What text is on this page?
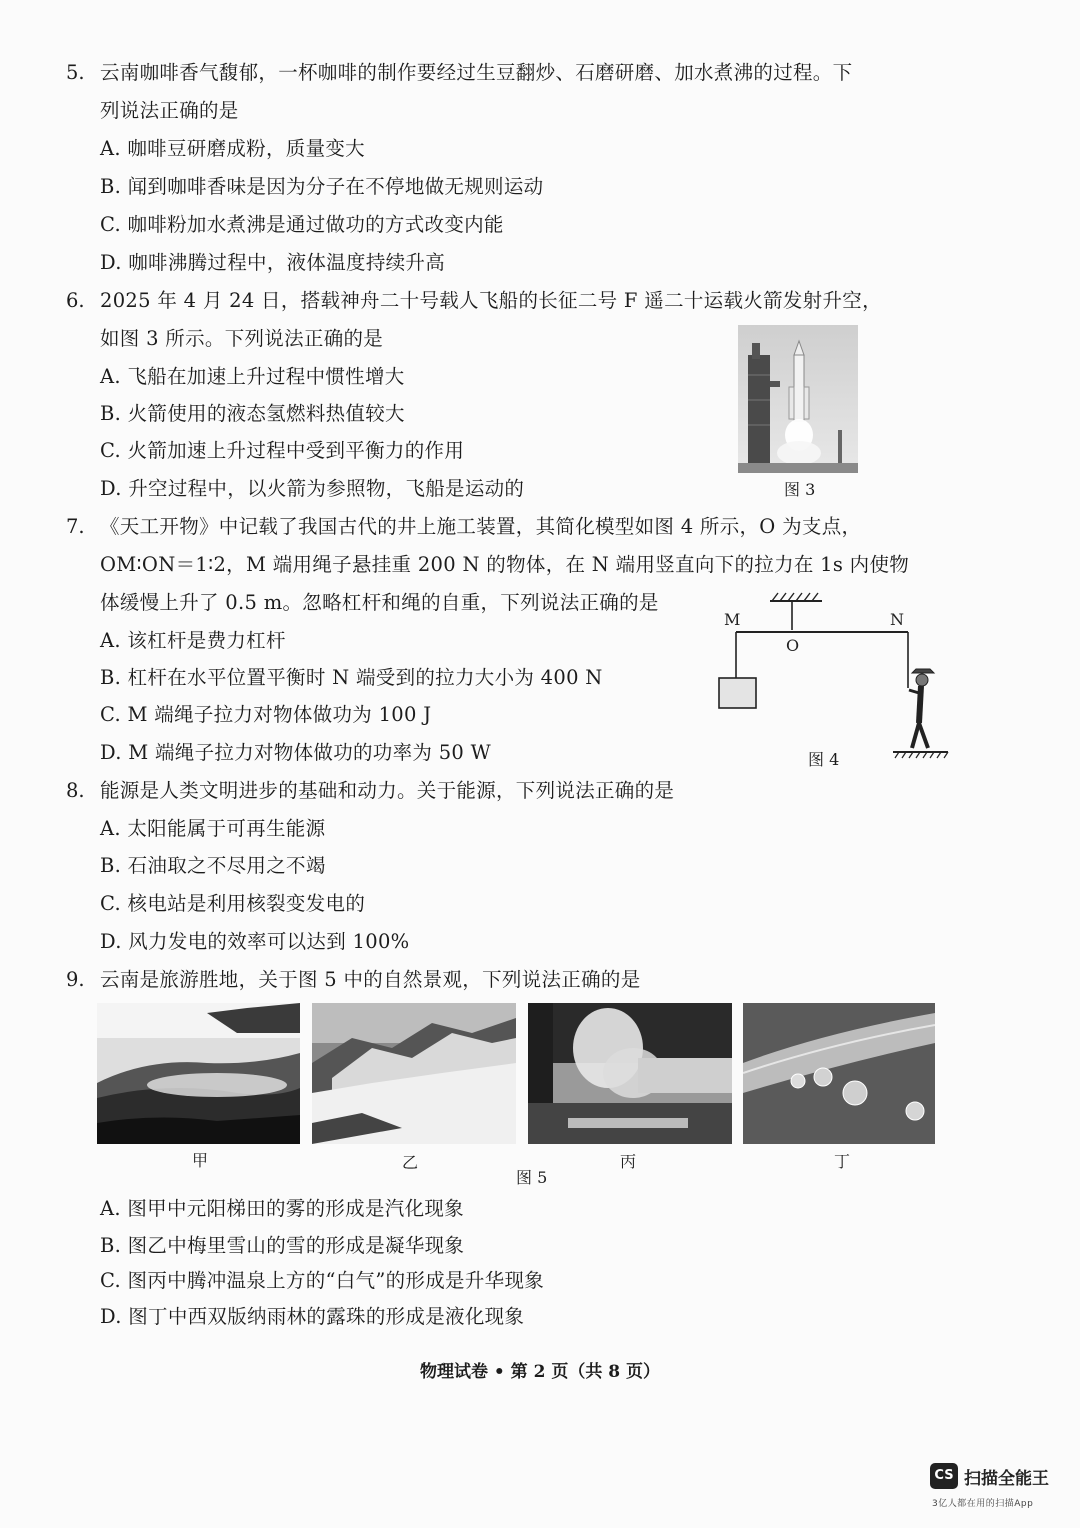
5. 云南咖啡香气馥郁，一杯咖啡的制作要经过生豆翻炒、石磨研磨、加水煮沸的过程。下
列说法正确的是
A. 咖啡豆研磨成粉，质量变大
B. 闻到咖啡香味是因为分子在不停地做无规则运动
C. 咖啡粉加水煮沸是通过做功的方式改变内能
D. 咖啡沸腾过程中，液体温度持续升高
6. 2025 年 4 月 24 日，搭载神舟二十号载人飞船的长征二号 F 遥二十运载火箭发射升空，
如图 3 所示。下列说法正确的是
A. 飞船在加速上升过程中惯性增大
B. 火箭使用的液态氢燃料热值较大
C. 火箭加速上升过程中受到平衡力的作用
D. 升空过程中，以火箭为参照物，飞船是运动的	图 3
7. 《天工开物》中记载了我国古代的井上施工装置，其简化模型如图 4 所示，O 为支点，
OM∶ON＝1∶2，M 端用绳子悬挂重 200 N 的物体，在 N 端用竖直向下的拉力在 1s 内使物
体缓慢上升了 0.5 m。忽略杠杆和绳的自重，下列说法正确的是
A. 该杠杆是费力杠杆
B. 杠杆在水平位置平衡时 N 端受到的拉力大小为 400 N
C. M 端绳子拉力对物体做功为 100 J
D. M 端绳子拉力对物体做功的功率为 50 W
M
O
N
图 4
8. 能源是人类文明进步的基础和动力。关于能源，下列说法正确的是
A. 太阳能属于可再生能源
B. 石油取之不尽用之不竭
C. 核电站是利用核裂变发电的
D. 风力发电的效率可以达到 100%
9. 云南是旅游胜地，关于图 5 中的自然景观，下列说法正确的是
甲	乙	丙	丁
图 5
A. 图甲中元阳梯田的雾的形成是汽化现象
B. 图乙中梅里雪山的雪的形成是凝华现象
C. 图丙中腾冲温泉上方的“白气”的形成是升华现象
D. 图丁中西双版纳雨林的露珠的形成是液化现象
物理试卷 • 第 2 页（共 8 页）
CS 扫描全能王
3亿人都在用的扫描App
